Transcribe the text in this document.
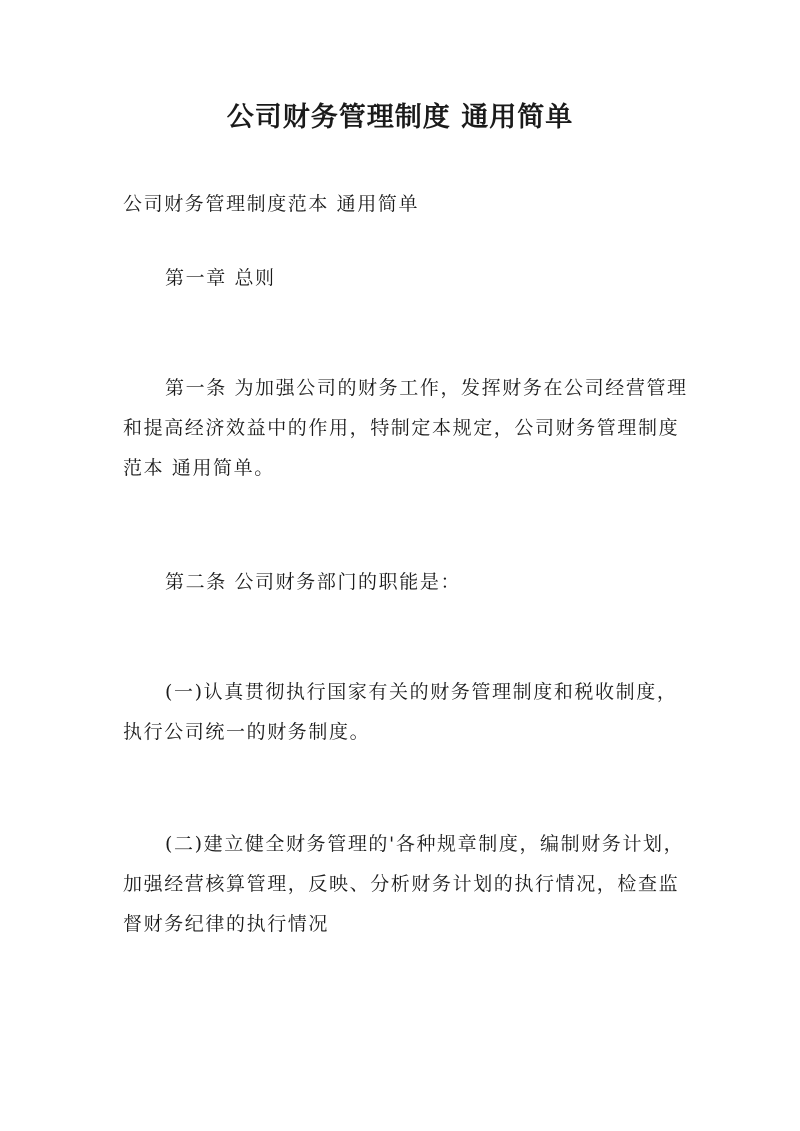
公司财务管理制度 通用简单

公司财务管理制度范本 通用简单

第一章 总则

第一条 为加强公司的财务工作，发挥财务在公司经营管理和提高经济效益中的作用，特制定本规定，公司财务管理制度范本 通用简单。

第二条 公司财务部门的职能是：

(一)认真贯彻执行国家有关的财务管理制度和税收制度，执行公司统一的财务制度。

(二)建立健全财务管理的'各种规章制度，编制财务计划，加强经营核算管理，反映、分析财务计划的执行情况，检查监督财务纪律的执行情况
